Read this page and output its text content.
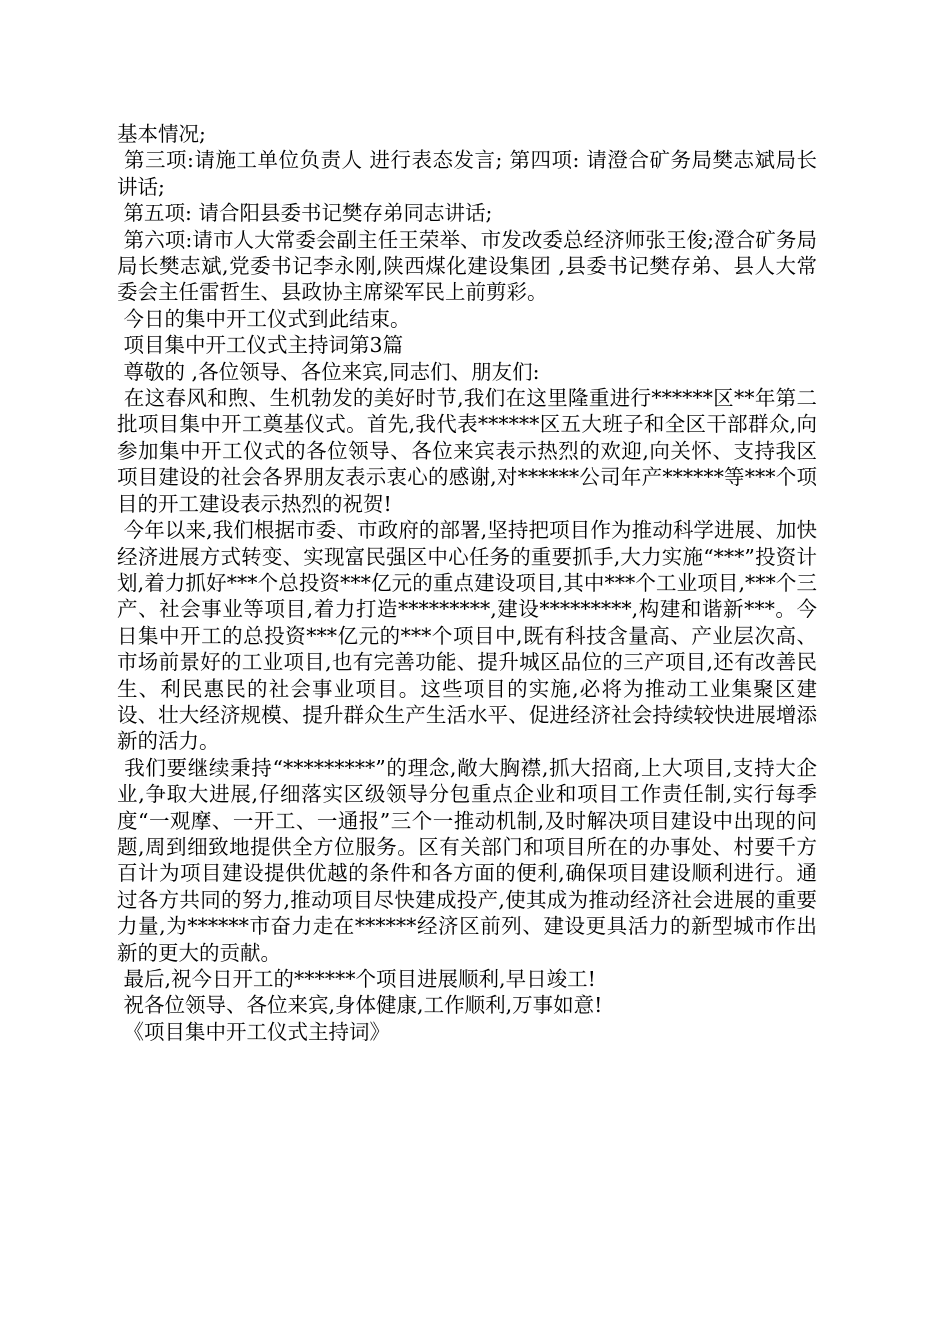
基本情况;

第三项:请施工单位负责人 进行表态发言; 第四项: 请澄合矿务局樊志斌局长讲话;

第五项: 请合阳县委书记樊存弟同志讲话;

第六项:请市人大常委会副主任王荣举、市发改委总经济师张王俊;澄合矿务局局长樊志斌,党委书记李永刚,陕西煤化建设集团 ,县委书记樊存弟、县人大常委会主任雷哲生、县政协主席梁军民上前剪彩。

今日的集中开工仪式到此结束。

项目集中开工仪式主持词第3篇

尊敬的 ,各位领导、各位来宾,同志们、朋友们:

在这春风和煦、生机勃发的美好时节,我们在这里隆重进行******区**年第二批项目集中开工奠基仪式。首先,我代表******区五大班子和全区干部群众,向参加集中开工仪式的各位领导、各位来宾表示热烈的欢迎,向关怀、支持我区项目建设的社会各界朋友表示衷心的感谢,对******公司年产******等***个项目的开工建设表示热烈的祝贺!

今年以来,我们根据市委、市政府的部署,坚持把项目作为推动科学进展、加快经济进展方式转变、实现富民强区中心任务的重要抓手,大力实施“***”投资计划,着力抓好***个总投资***亿元的重点建设项目,其中***个工业项目,***个三产、社会事业等项目,着力打造*********,建设*********,构建和谐新***。今日集中开工的总投资***亿元的***个项目中,既有科技含量高、产业层次高、市场前景好的工业项目,也有完善功能、提升城区品位的三产项目,还有改善民生、利民惠民的社会事业项目。这些项目的实施,必将为推动工业集聚区建设、壮大经济规模、提升群众生产生活水平、促进经济社会持续较快进展增添新的活力。

我们要继续秉持“*********”的理念,敞大胸襟,抓大招商,上大项目,支持大企业,争取大进展,仔细落实区级领导分包重点企业和项目工作责任制,实行每季度“一观摩、一开工、一通报”三个一推动机制,及时解决项目建设中出现的问题,周到细致地提供全方位服务。区有关部门和项目所在的办事处、村要千方百计为项目建设提供优越的条件和各方面的便利,确保项目建设顺利进行。通过各方共同的努力,推动项目尽快建成投产,使其成为推动经济社会进展的重要力量,为******市奋力走在******经济区前列、建设更具活力的新型城市作出新的更大的贡献。

最后,祝今日开工的******个项目进展顺利,早日竣工!

祝各位领导、各位来宾,身体健康,工作顺利,万事如意!

《项目集中开工仪式主持词》
